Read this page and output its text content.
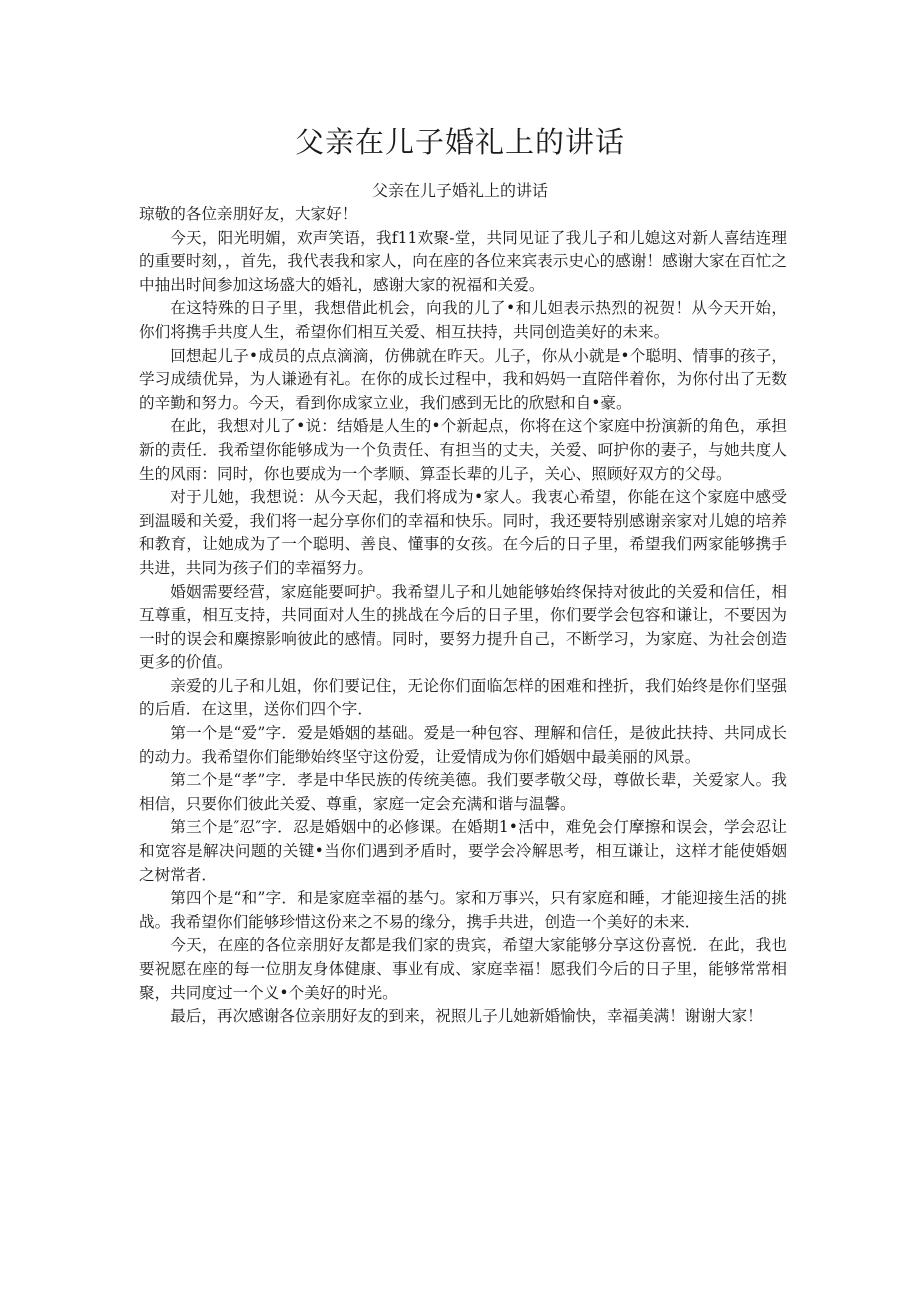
父亲在儿子婚礼上的讲话
父亲在儿子婚礼上的讲话

琼敬的各位亲朋好友，大家好！

今天，阳光明媚，欢声笑语，我f11欢聚-堂，共同见证了我儿子和儿媳这对新人喜结连理的重要时刻，，首先，我代表我和家人，向在座的各位来宾表示史心的感谢！感谢大家在百忙之中抽出时间参加这场盛大的婚礼，感谢大家的祝福和关爱。

在这特殊的日子里，我想借此机会，向我的儿了•和儿妲表示热烈的祝贺！从今天开始，你们将携手共度人生，希望你们相互关爱、相互扶持，共同创造美好的未来。

回想起儿子•成员的点点滴滴，仿佛就在昨天。儿子，你从小就是•个聪明、情事的孩子，学习成绩优异，为人谦逊有礼。在你的成长过程中，我和妈妈一直陪伴着你，为你付出了无数的辛勤和努力。今天，看到你成家立业，我们感到无比的欣慰和自•豪。

在此，我想对儿了•说：结婚是人生的•个新起点，你将在这个家庭中扮演新的角色，承担新的责任．我希望你能够成为一个负责任、有担当的丈夫，关爱、呵护你的妻子，与她共度人生的风雨：同时，你也要成为一个孝顺、算歪长辈的儿子，关心、照顾好双方的父母。

对于儿她，我想说：从今天起，我们将成为•家人。我衷心希望，你能在这个家庭中感受到温暖和关爱，我们将一起分享你们的幸福和快乐。同时，我还要特别感谢亲家对儿媳的培养和教育，让她成为了一个聪明、善良、懂事的女孩。在今后的日子里，希望我们两家能够携手共进，共同为孩子们的幸福努力。

婚姻需要经营，家庭能要呵护。我希望儿子和儿她能够始终保持对彼此的关爱和信任，相互尊重，相互支持，共同面对人生的挑战在今后的日子里，你们要学会包容和谦让，不要因为一时的误会和麋擦影响彼此的感情。同时，要努力提升自己，不断学习，为家庭、为社会创造更多的价值。

亲爱的儿子和儿姐，你们要记住，无论你们面临怎样的困难和挫折，我们始终是你们坚强的后盾．在这里，送你们四个字．

第一个是“爱”字．爱是婚姻的基础。爱是一种包容、理解和信任，是彼此扶持、共同成长的动力。我希望你们能缈始终坚守这份爱，让爱情成为你们婚姻中最美丽的风景。

第二个是“孝”字．孝是中华民族的传统美德。我们要孝敬父母，尊做长辈，关爱家人。我相信，只要你们彼此关爱、尊重，家庭一定会充满和谐与温馨。

第三个是″忍″字．忍是婚姻中的必修课。在婚期1•活中，难免会仃摩擦和误会，学会忍让和宽容是解决问题的关键•当你们遇到矛盾时，要学会冷解思考，相互谦让，这样才能使婚姻之树常者．

第四个是“和”字．和是家庭幸福的基勺。家和万事兴，只有家庭和睡，才能迎接生活的挑战。我希望你们能够珍惜这份来之不易的缘分，携手共进，创造一个美好的未来．

今天，在座的各位亲朋好友都是我们家的贵宾，希望大家能够分享这份喜悦．在此，我也要祝愿在座的每一位朋友身体健康、事业有成、家庭幸福！愿我们今后的日子里，能够常常相聚，共同度过一个义•个美好的时光。

最后，再次感谢各位亲朋好友的到来，祝照儿子儿她新婚愉快，幸福美满！谢谢大家！
